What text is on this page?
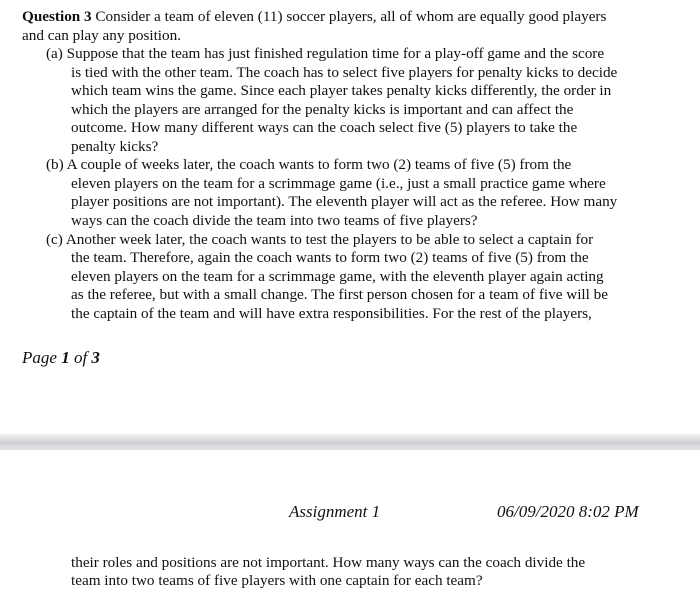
Question 3 Consider a team of eleven (11) soccer players, all of whom are equally good players
and can play any position.
(a) Suppose that the team has just finished regulation time for a play-off game and the score
is tied with the other team. The coach has to select five players for penalty kicks to decide
which team wins the game. Since each player takes penalty kicks differently, the order in
which the players are arranged for the penalty kicks is important and can affect the
outcome. How many different ways can the coach select five (5) players to take the
penalty kicks?
(b) A couple of weeks later, the coach wants to form two (2) teams of five (5) from the
eleven players on the team for a scrimmage game (i.e., just a small practice game where
player positions are not important). The eleventh player will act as the referee. How many
ways can the coach divide the team into two teams of five players?
(c) Another week later, the coach wants to test the players to be able to select a captain for
the team. Therefore, again the coach wants to form two (2) teams of five (5) from the
eleven players on the team for a scrimmage game, with the eleventh player again acting
as the referee, but with a small change. The first person chosen for a team of five will be
the captain of the team and will have extra responsibilities. For the rest of the players,
Page 1 of 3
Assignment 1	06/09/2020 8:02 PM
their roles and positions are not important. How many ways can the coach divide the
team into two teams of five players with one captain for each team?
